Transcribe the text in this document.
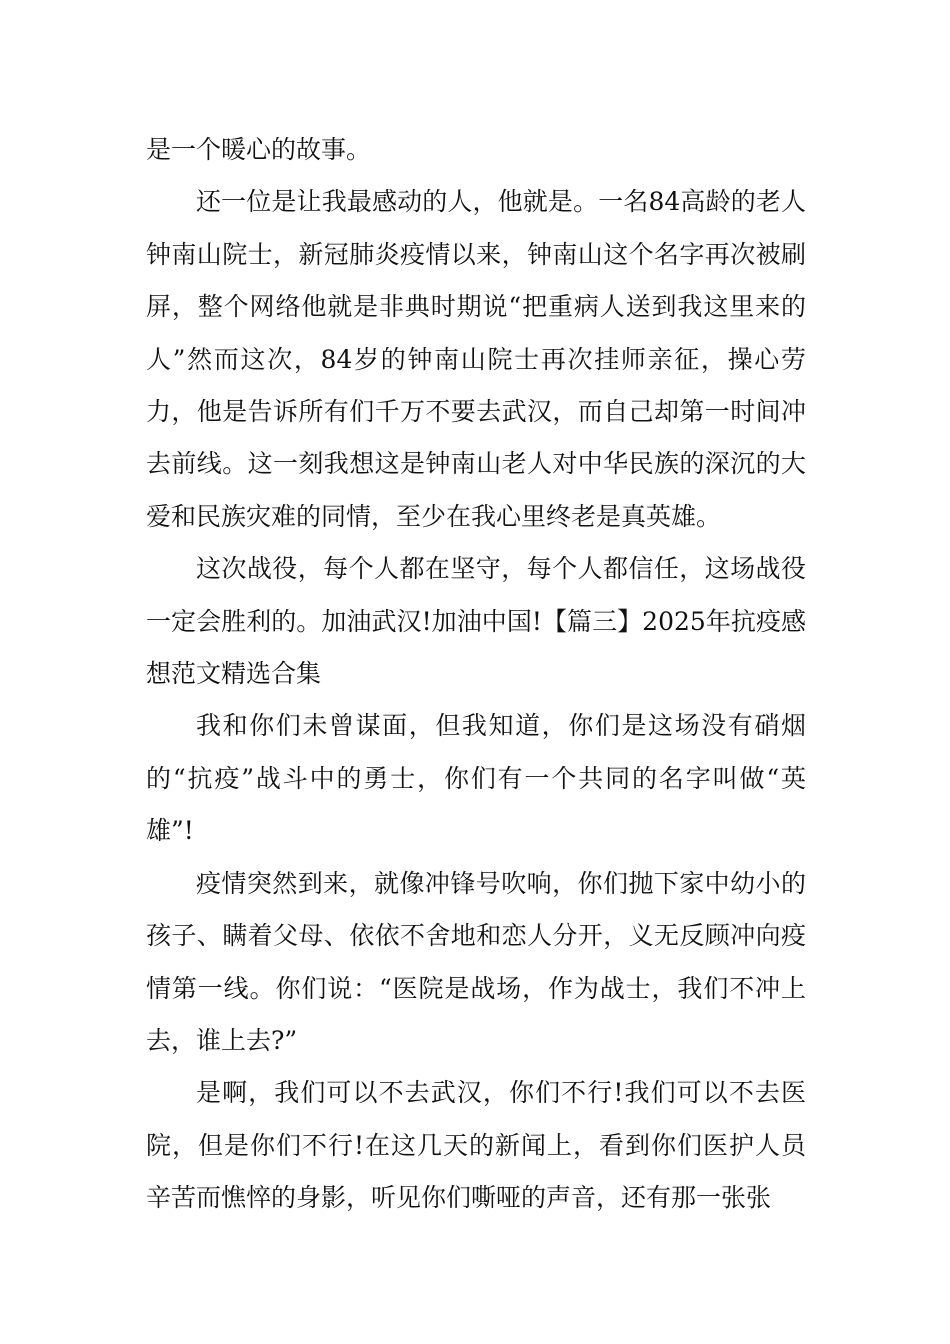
是一个暖心的故事。

还一位是让我最感动的人，他就是。一名84高龄的老人钟南山院士，新冠肺炎疫情以来，钟南山这个名字再次被刷屏，整个网络他就是非典时期说“把重病人送到我这里来的人”然而这次，84岁的钟南山院士再次挂师亲征，操心劳力，他是告诉所有们千万不要去武汉，而自己却第一时间冲去前线。这一刻我想这是钟南山老人对中华民族的深沉的大爱和民族灾难的同情，至少在我心里终老是真英雄。

这次战役，每个人都在坚守，每个人都信任，这场战役一定会胜利的。加油武汉!加油中国!【篇三】2025年抗疫感想范文精选合集

我和你们未曾谋面，但我知道，你们是这场没有硝烟的“抗疫”战斗中的勇士，你们有一个共同的名字叫做“英雄”!

疫情突然到来，就像冲锋号吹响，你们抛下家中幼小的孩子、瞒着父母、依依不舍地和恋人分开，义无反顾冲向疫情第一线。你们说：“医院是战场，作为战士，我们不冲上去，谁上去?”

是啊，我们可以不去武汉，你们不行!我们可以不去医院，但是你们不行!在这几天的新闻上，看到你们医护人员辛苦而憔悴的身影，听见你们嘶哑的声音，还有那一张张
